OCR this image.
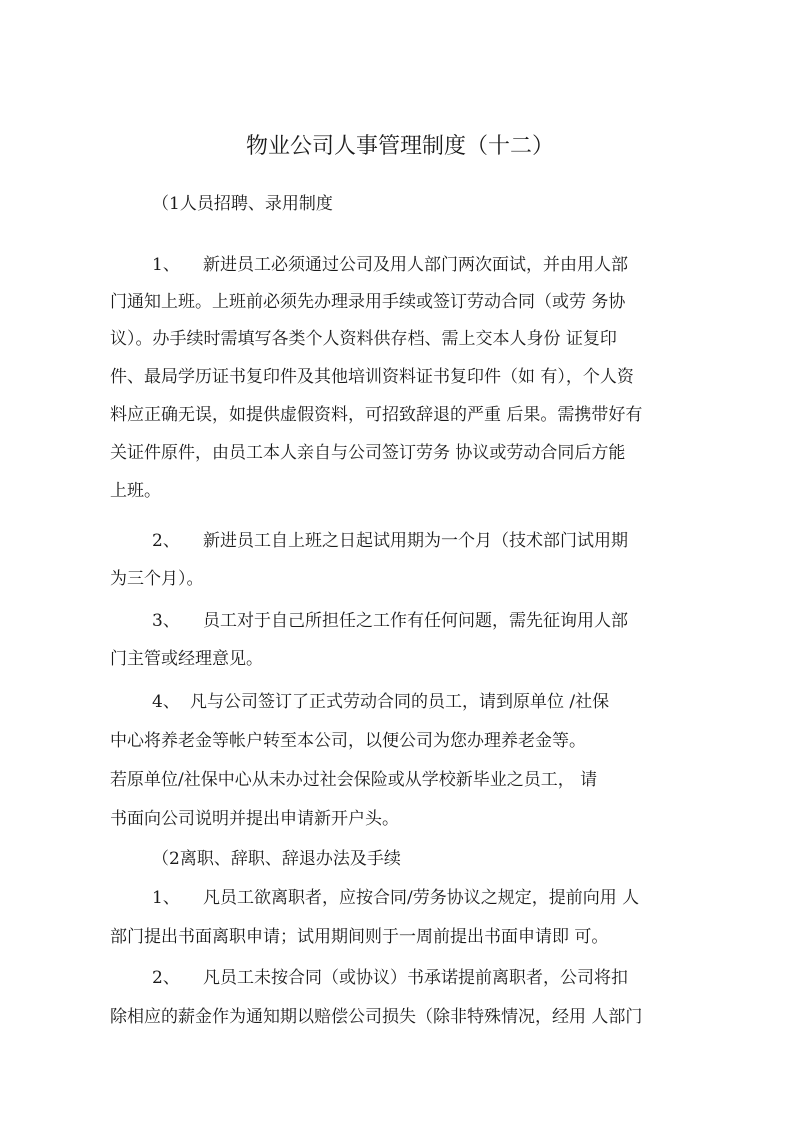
物业公司人事管理制度（十二）
（1人员招聘、录用制度
1、 新进员工必须通过公司及用人部门两次面试，并由用人部
门通知上班。上班前必须先办理录用手续或签订劳动合同（或劳 务协
议）。办手续时需填写各类个人资料供存档、需上交本人身份 证复印
件、最局学历证书复印件及其他培训资料证书复印件（如 有），个人资
料应正确无误，如提供虚假资料，可招致辞退的严重 后果。需携带好有
关证件原件，由员工本人亲自与公司签订劳务 协议或劳动合同后方能
上班。
2、 新进员工自上班之日起试用期为一个月（技术部门试用期
为三个月）。
3、 员工对于自己所担任之工作有任何问题，需先征询用人部
门主管或经理意见。
4、 凡与公司签订了正式劳动合同的员工，请到原单位 /社保
中心将养老金等帐户转至本公司，以便公司为您办理养老金等。
若原单位/社保中心从未办过社会保险或从学校新毕业之员工， 请
书面向公司说明并提出申请新开户头。
（2离职、辞职、辞退办法及手续
1、 凡员工欲离职者，应按合同/劳务协议之规定，提前向用 人
部门提出书面离职申请；试用期间则于一周前提出书面申请即 可。
2、 凡员工未按合同（或协议）书承诺提前离职者，公司将扣
除相应的薪金作为通知期以赔偿公司损失（除非特殊情况，经用 人部门
